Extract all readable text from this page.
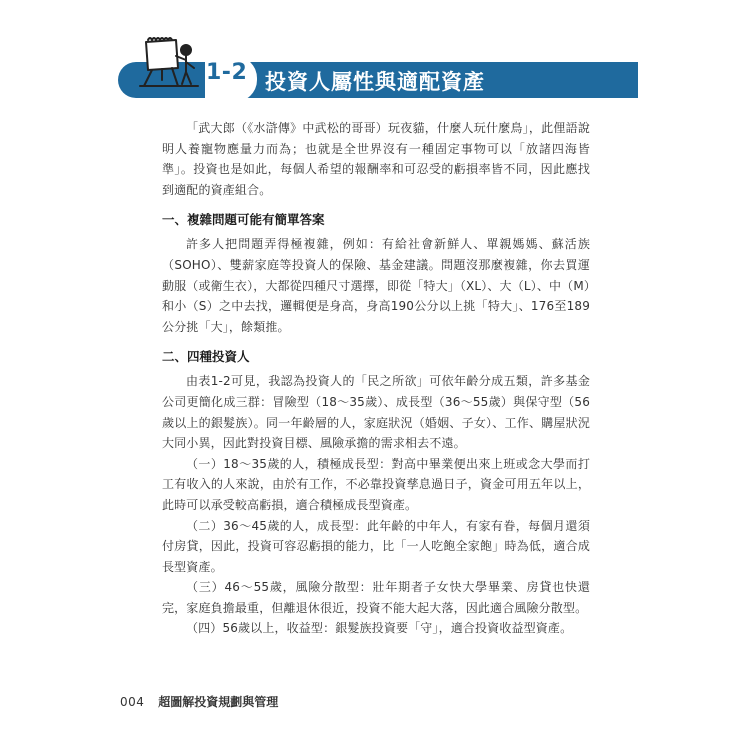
1-2 投資人屬性與適配資產

「武大郎（《水滸傳》中武松的哥哥）玩夜貓，什麼人玩什麼鳥」，此俚語說明人養寵物應量力而為；也就是全世界沒有一種固定事物可以「放諸四海皆準」。投資也是如此，每個人希望的報酬率和可忍受的虧損率皆不同，因此應找到適配的資產組合。

一、複雜問題可能有簡單答案

許多人把問題弄得極複雜，例如：有給社會新鮮人、單親媽媽、蘇活族（SOHO）、雙薪家庭等投資人的保險、基金建議。問題沒那麼複雜，你去買運動服（或衛生衣），大都從四種尺寸選擇，即從「特大」（XL）、大（L）、中（M）和小（S）之中去找，邏輯便是身高，身高190公分以上挑「特大」、176至189公分挑「大」，餘類推。

二、四種投資人

由表1-2可見，我認為投資人的「民之所欲」可依年齡分成五類，許多基金公司更簡化成三群：冒險型（18～35歲）、成長型（36～55歲）與保守型（56歲以上的銀髮族）。同一年齡層的人，家庭狀況（婚姻、子女）、工作、購屋狀況大同小異，因此對投資目標、風險承擔的需求相去不遠。

（一）18～35歲的人，積極成長型：對高中畢業便出來上班或念大學而打工有收入的人來說，由於有工作，不必靠投資孳息過日子，資金可用五年以上，此時可以承受較高虧損，適合積極成長型資產。

（二）36～45歲的人，成長型：此年齡的中年人，有家有眷，每個月還須付房貸，因此，投資可容忍虧損的能力，比「一人吃飽全家飽」時為低，適合成長型資產。

（三）46～55歲，風險分散型：壯年期者子女快大學畢業、房貸也快還完，家庭負擔最重，但離退休很近，投資不能大起大落，因此適合風險分散型。

（四）56歲以上，收益型：銀髮族投資要「守」，適合投資收益型資產。

004 超圖解投資規劃與管理
